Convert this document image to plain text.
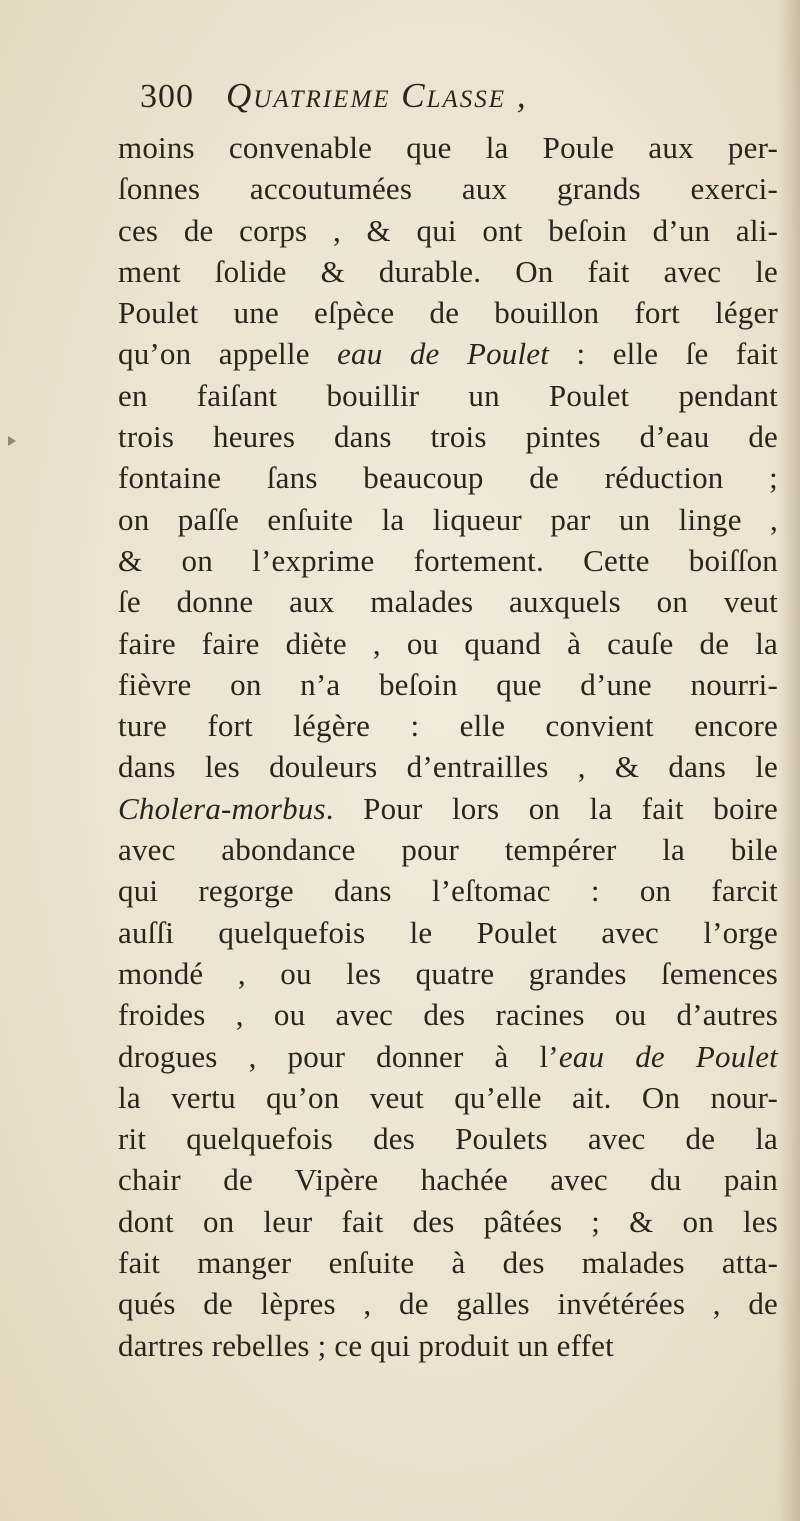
300 Quatrieme Classe ,
moins convenable que la Poule aux per-
ſonnes accoutumées aux grands exerci-
ces de corps , & qui ont beſoin d’un ali-
ment ſolide & durable. On fait avec le
Poulet une eſpèce de bouillon fort léger
qu’on appelle eau de Poulet : elle ſe fait
en faiſant bouillir un Poulet pendant
trois heures dans trois pintes d’eau de
fontaine ſans beaucoup de réduction ;
on paſſe enſuite la liqueur par un linge ,
& on l’exprime fortement. Cette boiſſon
ſe donne aux malades auxquels on veut
faire faire diète , ou quand à cauſe de la
fièvre on n’a beſoin que d’une nourri-
ture fort légère : elle convient encore
dans les douleurs d’entrailles , & dans le
Cholera-morbus. Pour lors on la fait boire
avec abondance pour tempérer la bile
qui regorge dans l’eſtomac : on farcit
auſſi quelquefois le Poulet avec l’orge
mondé , ou les quatre grandes ſemences
froides , ou avec des racines ou d’autres
drogues , pour donner à l’eau de Poulet
la vertu qu’on veut qu’elle ait. On nour-
rit quelquefois des Poulets avec de la
chair de Vipère hachée avec du pain
dont on leur fait des pâtées ; & on les
fait manger enſuite à des malades atta-
qués de lèpres , de galles invétérées , de
dartres rebelles ; ce qui produit un effet
